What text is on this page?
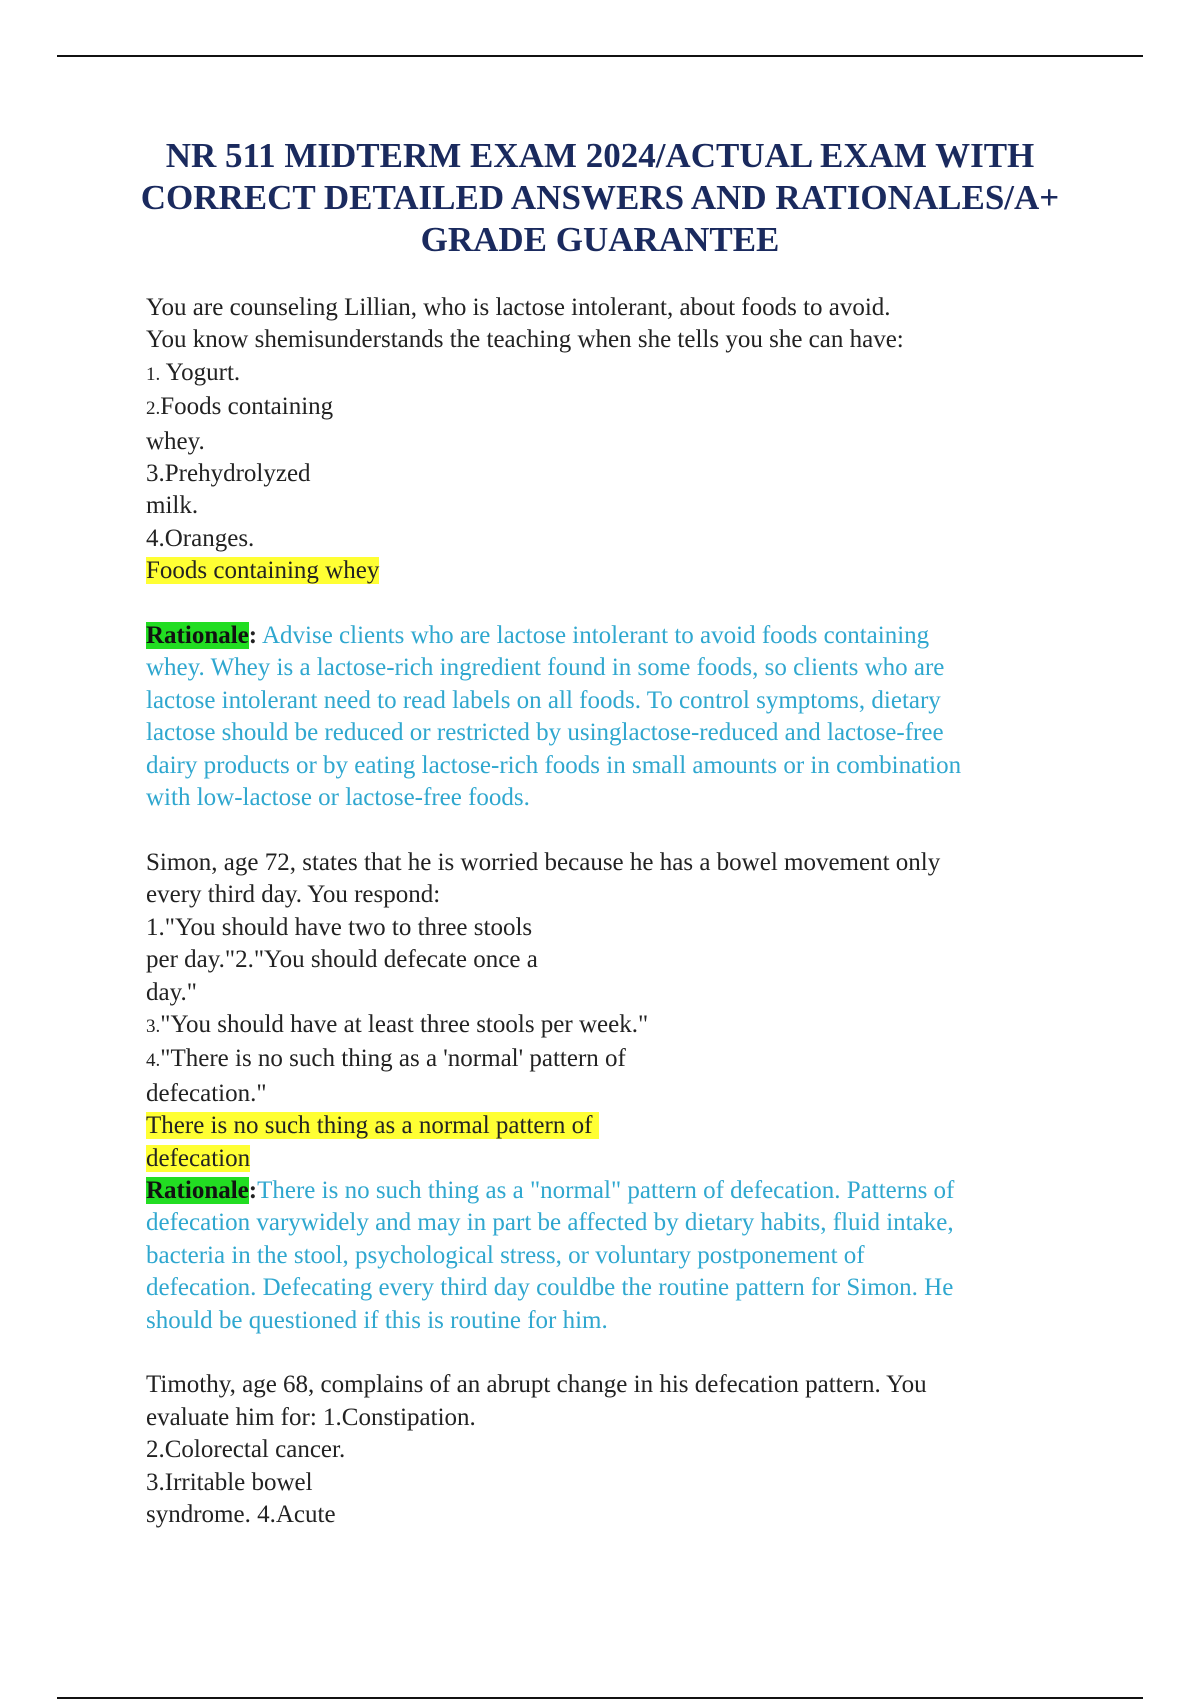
NR 511 MIDTERM EXAM 2024/ACTUAL EXAM WITH
CORRECT DETAILED ANSWERS AND RATIONALES/A+
GRADE GUARANTEE
You are counseling Lillian, who is lactose intolerant, about foods to avoid.
You know shemisunderstands the teaching when she tells you she can have:
1. Yogurt.
2.Foods containing
whey.
3.Prehydrolyzed
milk.
4.Oranges.
Foods containing whey
Rationale: Advise clients who are lactose intolerant to avoid foods containing
whey. Whey is a lactose-rich ingredient found in some foods, so clients who are
lactose intolerant need to read labels on all foods. To control symptoms, dietary
lactose should be reduced or restricted by usinglactose-reduced and lactose-free
dairy products or by eating lactose-rich foods in small amounts or in combination
with low-lactose or lactose-free foods.
Simon, age 72, states that he is worried because he has a bowel movement only
every third day. You respond:
1."You should have two to three stools
per day."2."You should defecate once a
day."
3."You should have at least three stools per week."
4."There is no such thing as a 'normal' pattern of
defecation."
There is no such thing as a normal pattern of
defecation
Rationale:There is no such thing as a "normal" pattern of defecation. Patterns of
defecation varywidely and may in part be affected by dietary habits, fluid intake,
bacteria in the stool, psychological stress, or voluntary postponement of
defecation. Defecating every third day couldbe the routine pattern for Simon. He
should be questioned if this is routine for him.
Timothy, age 68, complains of an abrupt change in his defecation pattern. You
evaluate him for: 1.Constipation.
2.Colorectal cancer.
3.Irritable bowel
syndrome. 4.Acute
